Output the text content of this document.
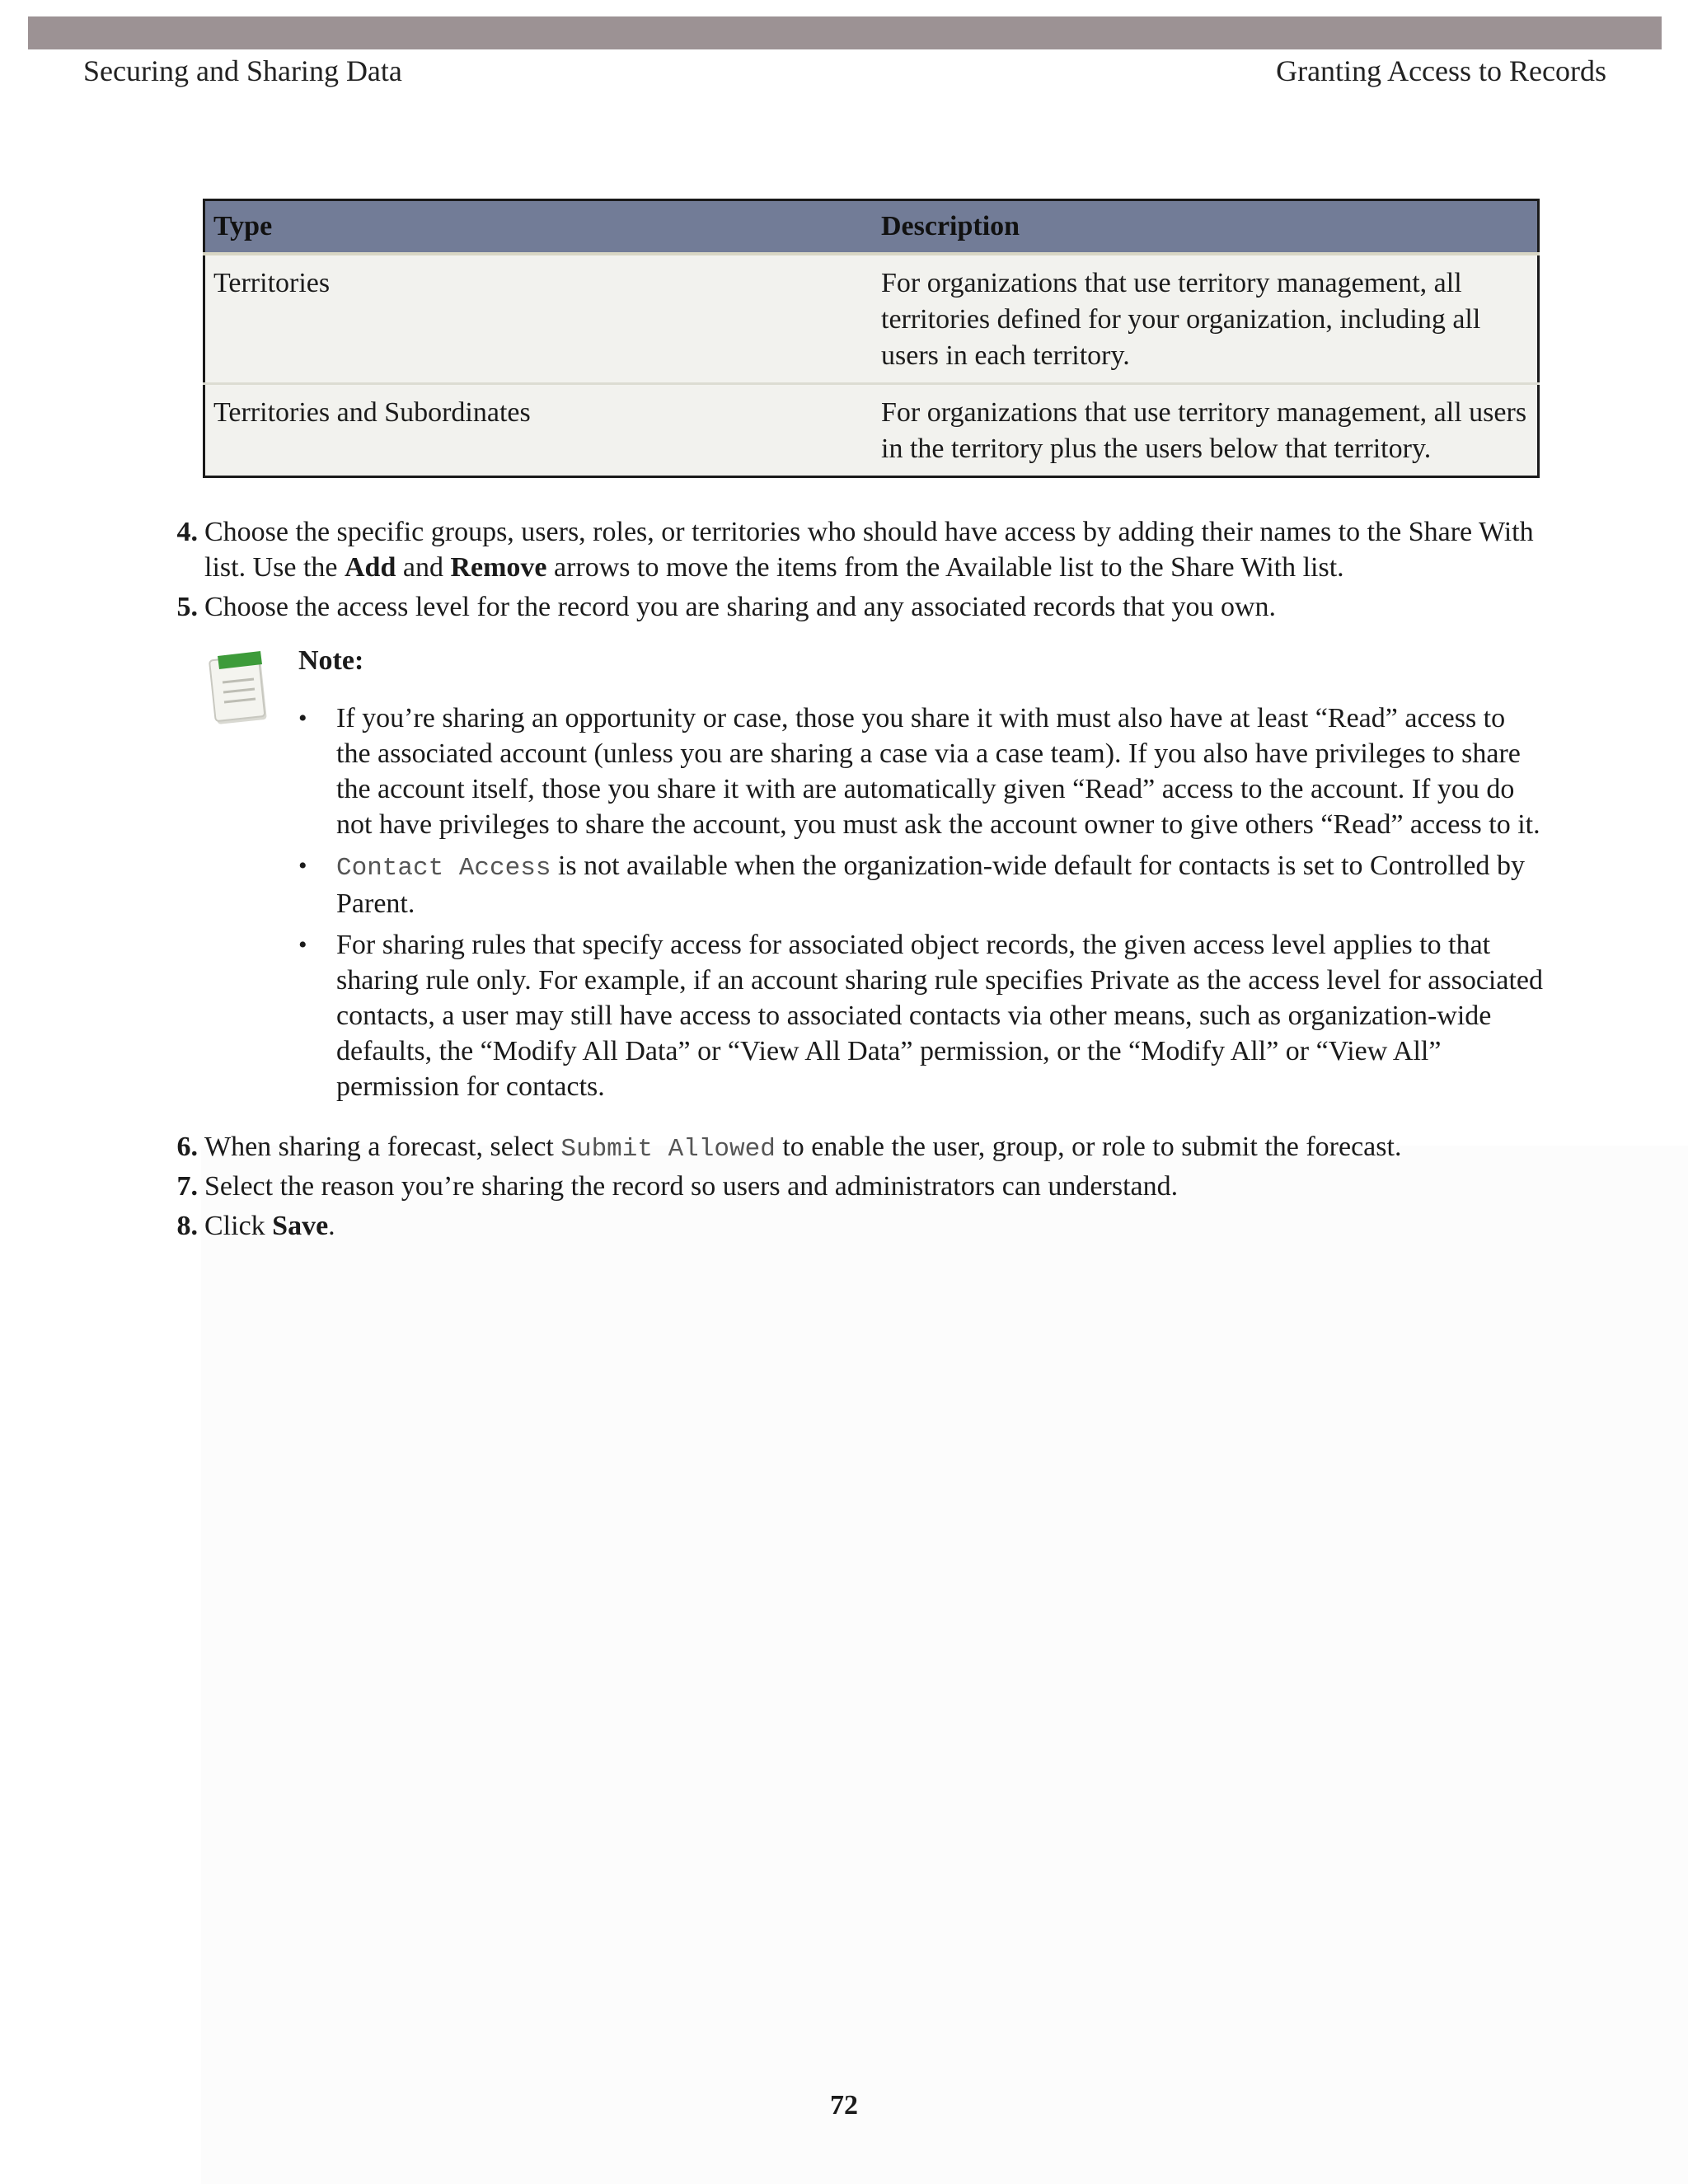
Securing and Sharing Data	Granting Access to Records
Type	Description
Territories	For organizations that use territory management, all territories defined for your organization, including all users in each territory.
Territories and Subordinates	For organizations that use territory management, all users in the territory plus the users below that territory.
4. Choose the specific groups, users, roles, or territories who should have access by adding their names to the Share With list. Use the Add and Remove arrows to move the items from the Available list to the Share With list.
5. Choose the access level for the record you are sharing and any associated records that you own.
Note:
• If you’re sharing an opportunity or case, those you share it with must also have at least “Read” access to the associated account (unless you are sharing a case via a case team). If you also have privileges to share the account itself, those you share it with are automatically given “Read” access to the account. If you do not have privileges to share the account, you must ask the account owner to give others “Read” access to it.
• Contact Access is not available when the organization-wide default for contacts is set to Controlled by Parent.
• For sharing rules that specify access for associated object records, the given access level applies to that sharing rule only. For example, if an account sharing rule specifies Private as the access level for associated contacts, a user may still have access to associated contacts via other means, such as organization-wide defaults, the “Modify All Data” or “View All Data” permission, or the “Modify All” or “View All” permission for contacts.
6. When sharing a forecast, select Submit Allowed to enable the user, group, or role to submit the forecast.
7. Select the reason you’re sharing the record so users and administrators can understand.
8. Click Save.
72
